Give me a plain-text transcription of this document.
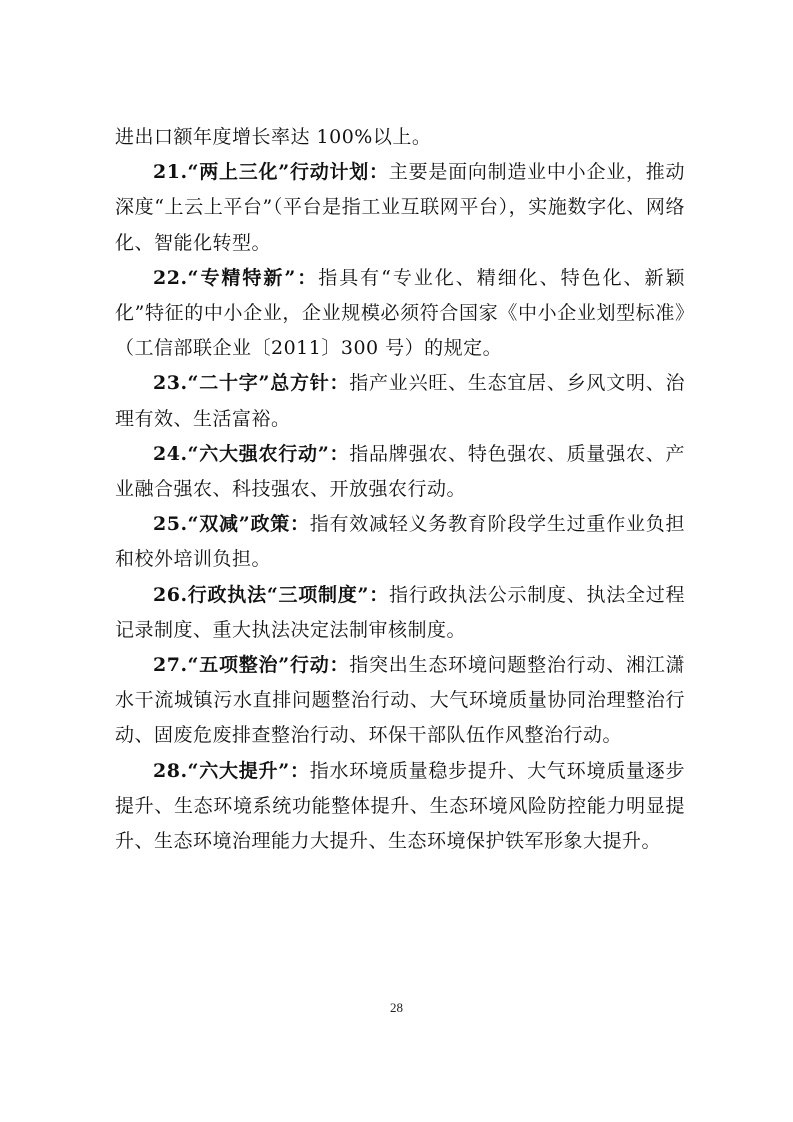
进出口额年度增长率达 100%以上。

21.“两上三化”行动计划：主要是面向制造业中小企业，推动深度“上云上平台”（平台是指工业互联网平台），实施数字化、网络化、智能化转型。

22.“专精特新”：指具有“专业化、精细化、特色化、新颖化”特征的中小企业，企业规模必须符合国家《中小企业划型标准》（工信部联企业〔2011〕300 号）的规定。

23.“二十字”总方针：指产业兴旺、生态宜居、乡风文明、治理有效、生活富裕。

24.“六大强农行动”：指品牌强农、特色强农、质量强农、产业融合强农、科技强农、开放强农行动。

25.“双减”政策：指有效减轻义务教育阶段学生过重作业负担和校外培训负担。

26.行政执法“三项制度”：指行政执法公示制度、执法全过程记录制度、重大执法决定法制审核制度。

27.“五项整治”行动：指突出生态环境问题整治行动、湘江潇水干流城镇污水直排问题整治行动、大气环境质量协同治理整治行动、固废危废排查整治行动、环保干部队伍作风整治行动。

28.“六大提升”：指水环境质量稳步提升、大气环境质量逐步提升、生态环境系统功能整体提升、生态环境风险防控能力明显提升、生态环境治理能力大提升、生态环境保护铁军形象大提升。

28
